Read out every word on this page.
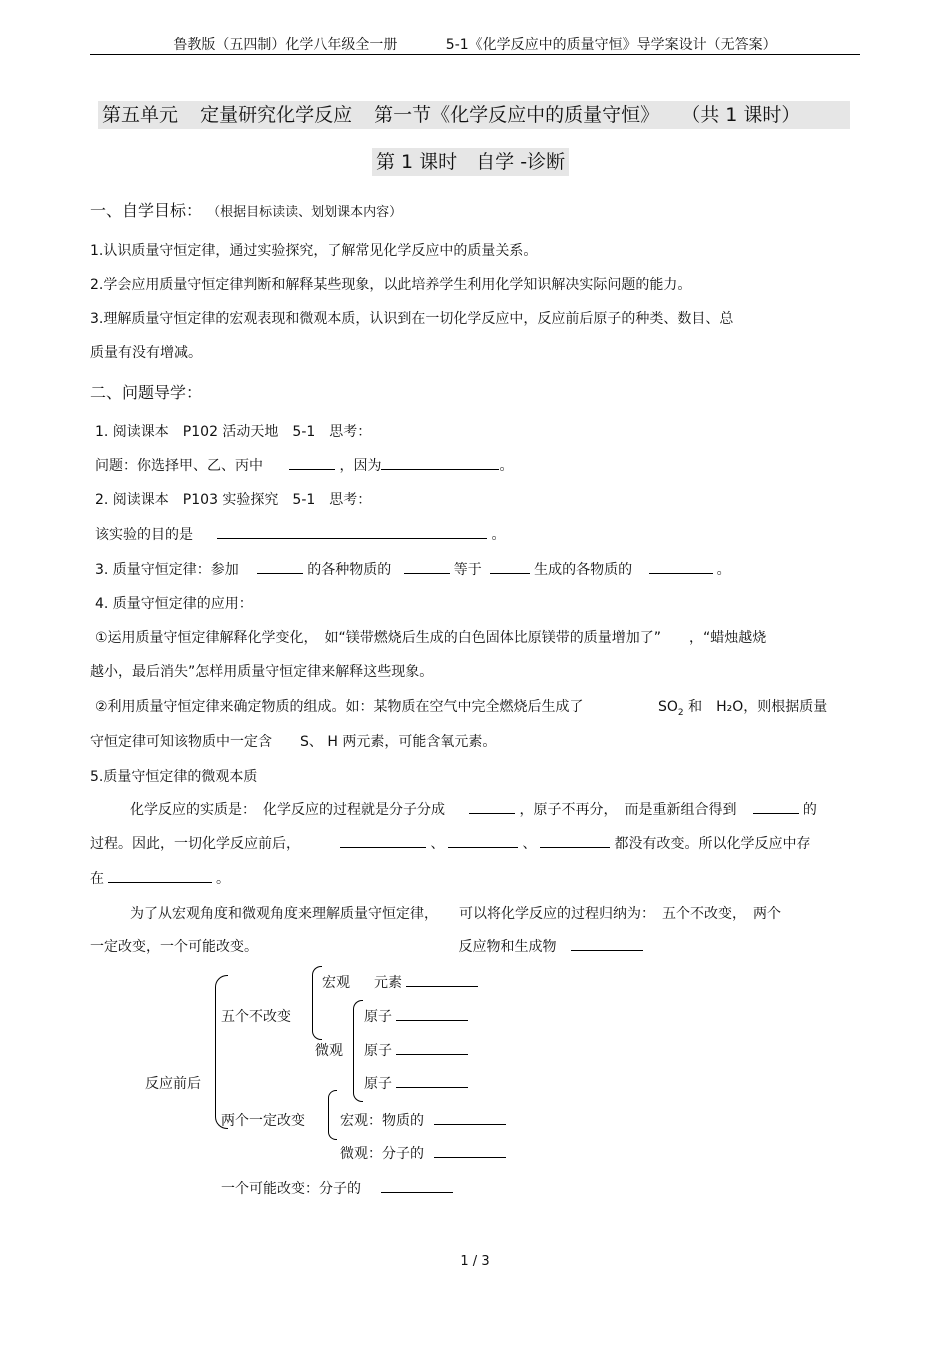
鲁教版（五四制）化学八年级全一册	5-1《化学反应中的质量守恒》导学案设计（无答案）
第五单元 定量研究化学反应 第一节《化学反应中的质量守恒》 （共 1 课时）
第 1 课时　自学 -诊断
一、自学目标： （根据目标读读、划划课本内容）
1.认识质量守恒定律，通过实验探究，了解常见化学反应中的质量关系。
2.学会应用质量守恒定律判断和解释某些现象，以此培养学生利用化学知识解决实际问题的能力。
3.理解质量守恒定律的宏观表现和微观本质，认识到在一切化学反应中，反应前后原子的种类、数目、总
质量有没有增减。
二、问题导学：
1. 阅读课本　P102 活动天地　5-1　思考：
问题：你选择甲、乙、丙中	，因为	。
2. 阅读课本　P103 实验探究　5-1　思考：
该实验的目的是	。
3. 质量守恒定律：参加	的各种物质的	等于	生成的各物质的	。
4. 质量守恒定律的应用：
①运用质量守恒定律解释化学变化，　如“镁带燃烧后生成的白色固体比原镁带的质量增加了”　　，“蜡烛越烧
越小，最后消失”怎样用质量守恒定律来解释这些现象。
②利用质量守恒定律来确定物质的组成。如：某物质在空气中完全燃烧后生成了	$SO_2$ 和　H₂O，则根据质量
守恒定律可知该物质中一定含　　S、 H 两元素，可能含氧元素。
5.质量守恒定律的微观本质
化学反应的实质是：　化学反应的过程就是分子分成	，原子不再分，　而是重新组合得到	的
过程。因此，一切化学反应前后，	、	、	都没有改变。所以化学反应中存
在	。
为了从宏观角度和微观角度来理解质量守恒定律，　　可以将化学反应的过程归纳为：　五个不改变，　两个
一定改变，一个可能改变。	反应物和生成物
反应前后
五个不改变
宏观 元素
微观
原子
原子
原子
两个一定改变	宏观：物质的
微观：分子的
一个可能改变：分子的
1 / 3
